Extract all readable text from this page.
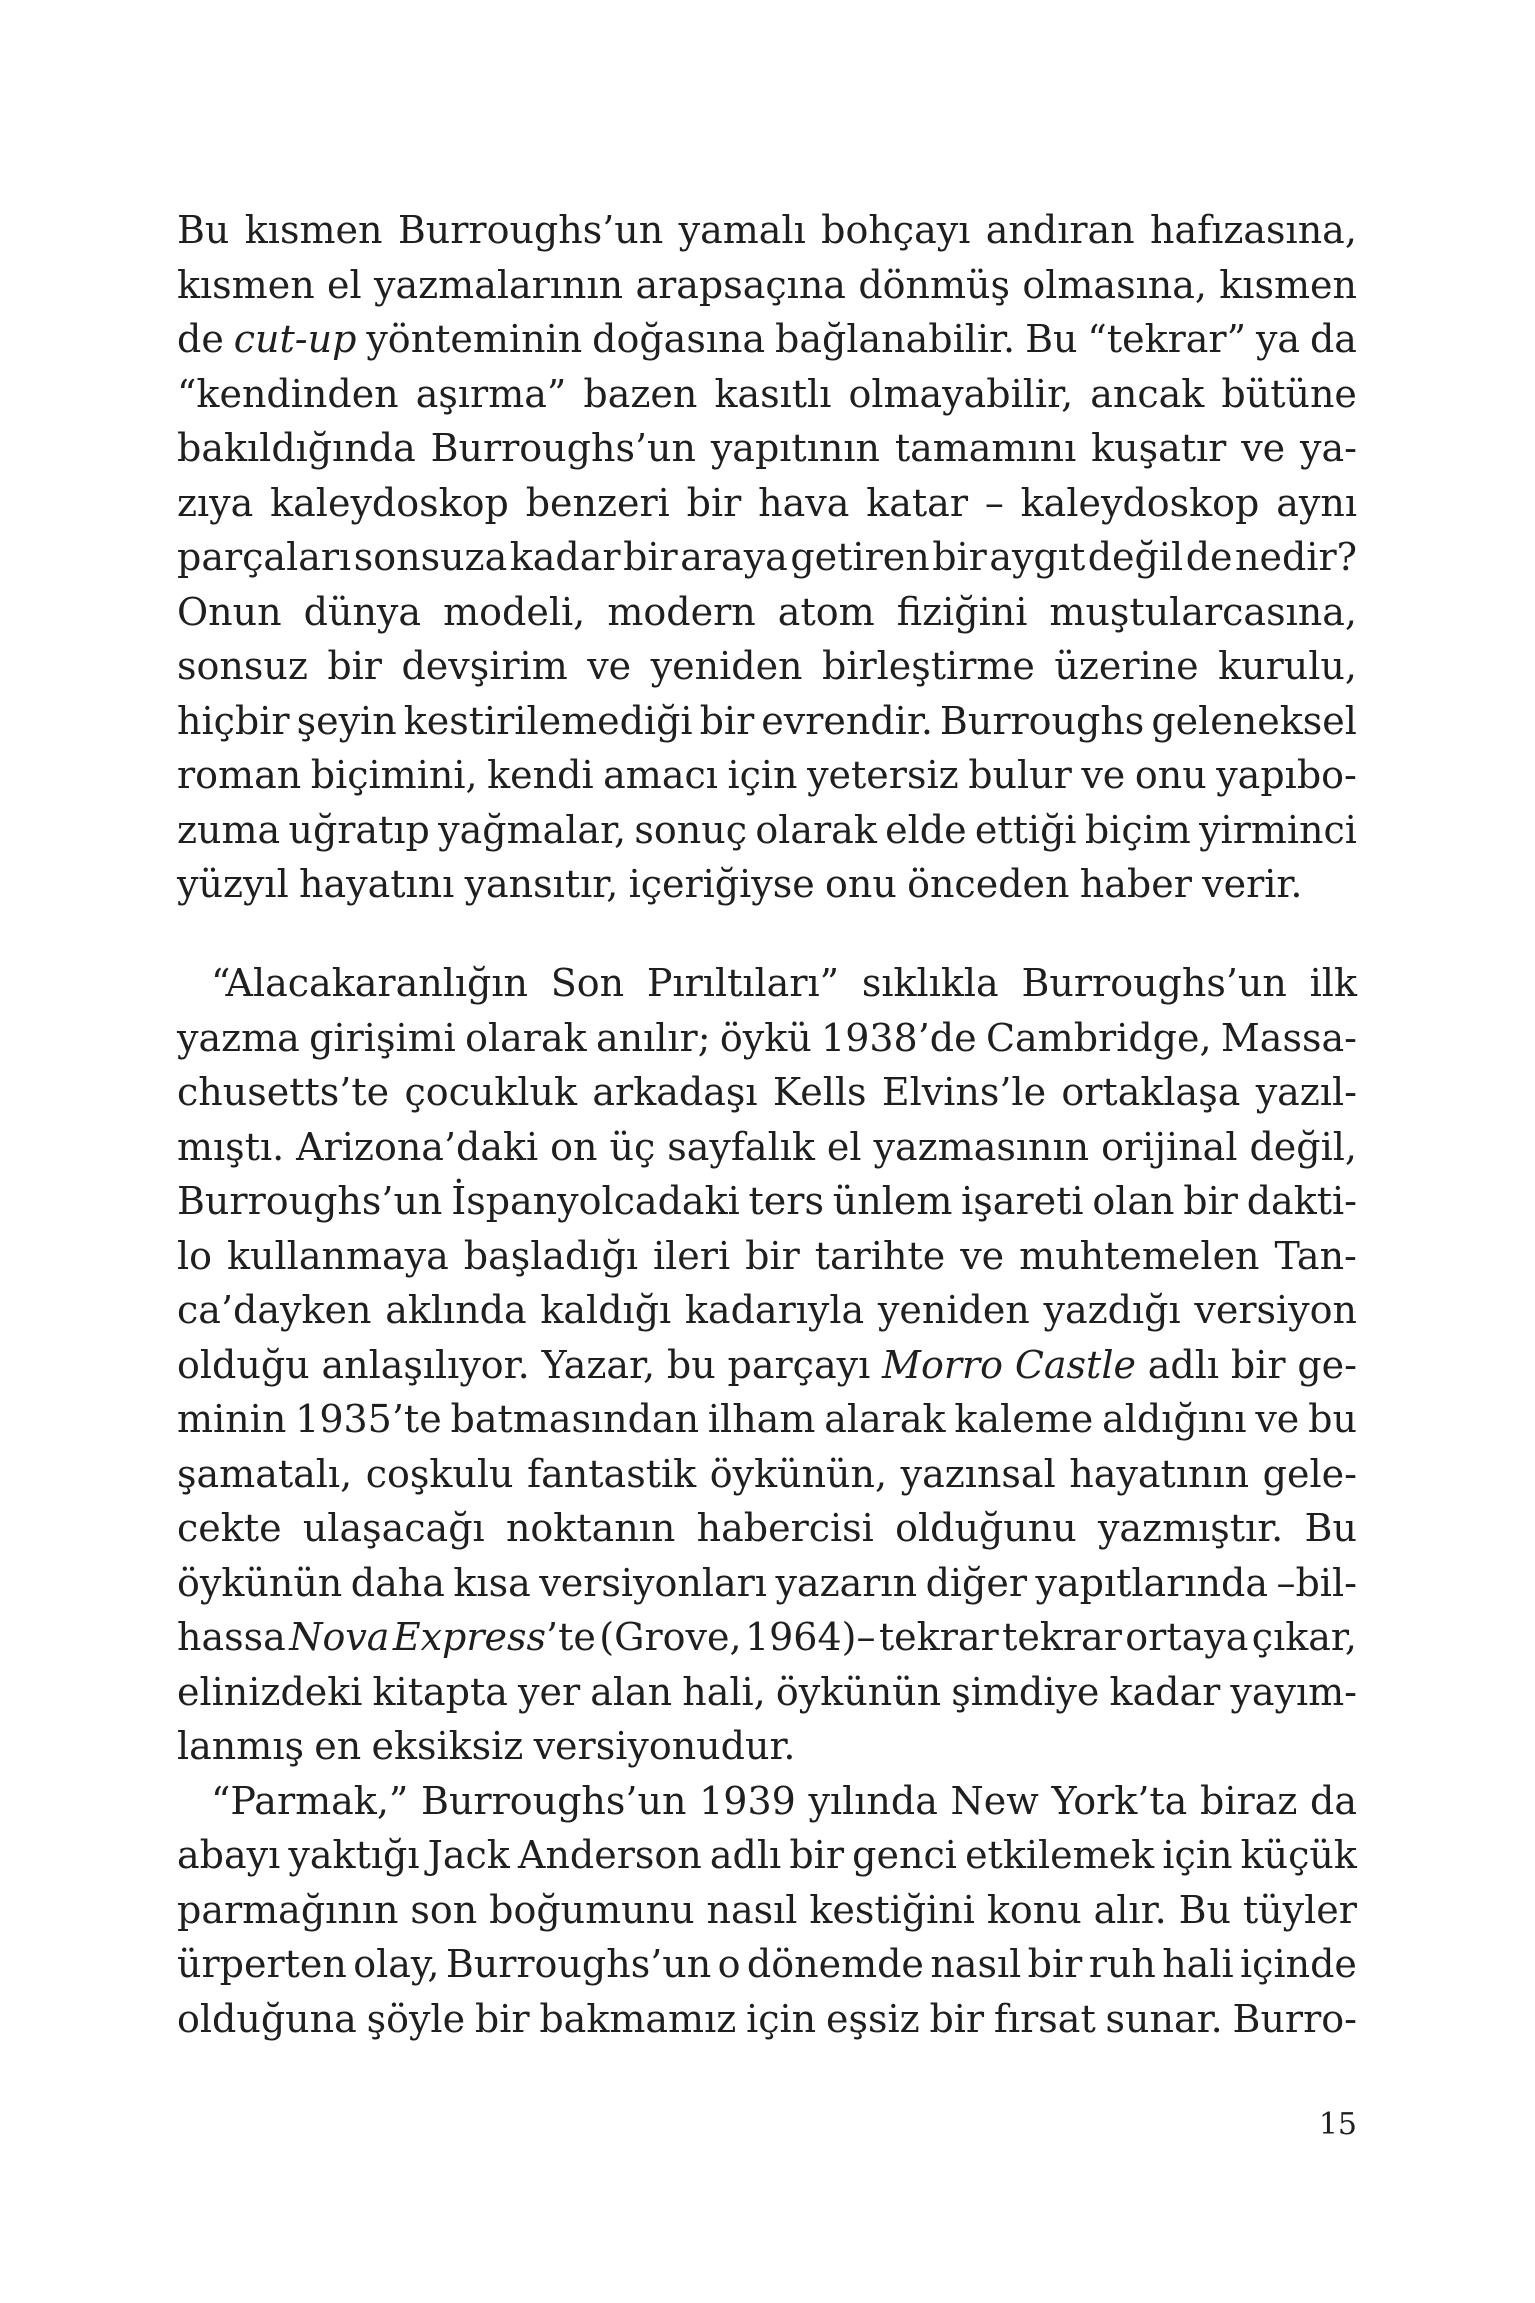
Bu kısmen Burroughs’un yamalı bohçayı andıran hafızasına,
kısmen el yazmalarının arapsaçına dönmüş olmasına, kısmen
de cut-up yönteminin doğasına bağlanabilir. Bu “tekrar” ya da
“kendinden aşırma” bazen kasıtlı olmayabilir, ancak bütüne
bakıldığında Burroughs’un yapıtının tamamını kuşatır ve ya-
zıya kaleydoskop benzeri bir hava katar – kaleydoskop aynı
parçaları sonsuza kadar bir araya getiren bir aygıt değil de nedir?
Onun dünya modeli, modern atom fiziğini muştularcasına,
sonsuz bir devşirim ve yeniden birleştirme üzerine kurulu,
hiçbir şeyin kestirilemediği bir evrendir. Burroughs geleneksel
roman biçimini, kendi amacı için yetersiz bulur ve onu yapıbo-
zuma uğratıp yağmalar, sonuç olarak elde ettiği biçim yirminci
yüzyıl hayatını yansıtır, içeriğiyse onu önceden haber verir.
“Alacakaranlığın Son Pırıltıları” sıklıkla Burroughs’un ilk
yazma girişimi olarak anılır; öykü 1938’de Cambridge, Massa-
chusetts’te çocukluk arkadaşı Kells Elvins’le ortaklaşa yazıl-
mıştı. Arizona’daki on üç sayfalık el yazmasının orijinal değil,
Burroughs’un İspanyolcadaki ters ünlem işareti olan bir dakti-
lo kullanmaya başladığı ileri bir tarihte ve muhtemelen Tan-
ca’dayken aklında kaldığı kadarıyla yeniden yazdığı versiyon
olduğu anlaşılıyor. Yazar, bu parçayı Morro Castle adlı bir ge-
minin 1935’te batmasından ilham alarak kaleme aldığını ve bu
şamatalı, coşkulu fantastik öykünün, yazınsal hayatının gele-
cekte ulaşacağı noktanın habercisi olduğunu yazmıştır. Bu
öykünün daha kısa versiyonları yazarın diğer yapıtlarında –bil-
hassa Nova Express’te (Grove, 1964)– tekrar tekrar ortaya çıkar,
elinizdeki kitapta yer alan hali, öykünün şimdiye kadar yayım-
lanmış en eksiksiz versiyonudur.
“Parmak,” Burroughs’un 1939 yılında New York’ta biraz da
abayı yaktığı Jack Anderson adlı bir genci etkilemek için küçük
parmağının son boğumunu nasıl kestiğini konu alır. Bu tüyler
ürperten olay, Burroughs’un o dönemde nasıl bir ruh hali içinde
olduğuna şöyle bir bakmamız için eşsiz bir fırsat sunar. Burro-
15
